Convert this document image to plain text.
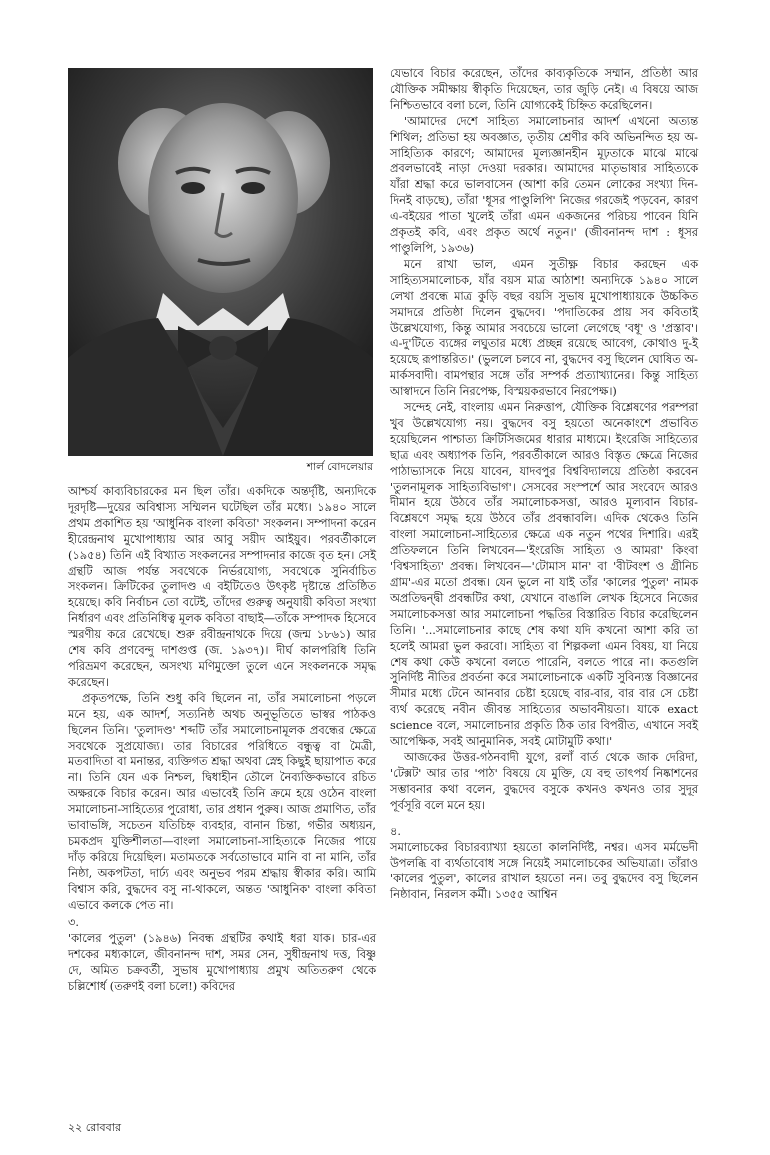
শার্ল বোদলেয়ার

আশ্চর্য কাব্যবিচারকের মন ছিল তাঁর। একদিকে অন্তর্দৃষ্টি, অন্যদিকে দূরদৃষ্টি—দুয়ের অবিশ্বাস্য সম্মিলন ঘটেছিল তাঁর মধ্যে। ১৯৪০ সালে প্রথম প্রকাশিত হয় 'আধুনিক বাংলা কবিতা' সংকলন। সম্পাদনা করেন হীরেন্দ্রনাথ মুখোপাধ্যায় আর আবু সয়ীদ আইয়ুব। পরবর্তীকালে (১৯৫৪) তিনি এই বিখ্যাত সংকলনের সম্পাদনার কাজে বৃত হন। সেই গ্রন্থটি আজ পর্যন্ত সবথেকে নির্ভরযোগ্য, সবথেকে সুনির্বাচিত সংকলন। ক্রিটিকের তুলাদণ্ড এ বইটিতেও উৎকৃষ্ট দৃষ্টান্তে প্রতিষ্ঠিত হয়েছে। কবি নির্বাচন তো বটেই, তাঁদের গুরুত্ব অনুযায়ী কবিতা সংখ্যা নির্ধারণ এবং প্রতিনিধিত্ব মূলক কবিতা বাছাই—তাঁকে সম্পাদক হিসেবে স্মরণীয় করে রেখেছে। শুরু রবীন্দ্রনাথকে দিয়ে (জন্ম ১৮৬১) আর শেষ কবি প্রণবেন্দু দাশগুপ্ত (জ. ১৯৩৭)। দীর্ঘ কালপরিধি তিনি পরিভ্রমণ করেছেন, অসংখ্য মণিমুক্তো তুলে এনে সংকলনকে সমৃদ্ধ করেছেন।

প্রকৃতপক্ষে, তিনি শুধু কবি ছিলেন না, তাঁর সমালোচনা পড়লে মনে হয়, এক আদর্শ, সত্যনিষ্ঠ অথচ অনুভূতিতে ভাস্বর পাঠকও ছিলেন তিনি। 'তুলাদণ্ড' শব্দটি তাঁর সমালোচনামূলক প্রবন্ধের ক্ষেত্রে সবথেকে সুপ্রযোজ্য। তার বিচারের পরিধিতে বন্ধুত্ব বা মৈত্রী, মতবাদিতা বা মনান্তর, ব্যক্তিগত শ্রদ্ধা অথবা স্নেহ কিছুই ছায়াপাত করে না। তিনি যেন এক নিশ্চল, দ্বিধাহীন তৌলে নৈব্যক্তিকভাবে রচিত অক্ষরকে বিচার করেন। আর এভাবেই তিনি ক্রমে হয়ে ওঠেন বাংলা সমালোচনা-সাহিত্যের পুরোধা, তার প্রধান পুরুষ। আজ প্রমাণিত, তাঁর ভাবাভঙ্গি, সচেতন যতিচিহ্ন ব্যবহার, বানান চিন্তা, গভীর অধ্যয়ন, চমকপ্রদ যুক্তিশীলতা—বাংলা সমালোচনা-সাহিত্যকে নিজের পায়ে দাঁড় করিয়ে দিয়েছিল। মতামতকে সর্বতোভাবে মানি বা না মানি, তাঁর নিষ্ঠা, অকপটতা, দার্ঢ্য এবং অনুভব পরম শ্রদ্ধায় স্বীকার করি। আমি বিশ্বাস করি, বুদ্ধদেব বসু না-থাকলে, অন্তত 'আধুনিক' বাংলা কবিতা এভাবে কলকে পেত না।

৩.

'কালের পুতুল' (১৯৪৬) নিবন্ধ গ্রন্থটির কথাই ধরা যাক। চার-এর দশকের মধ্যকালে, জীবনানন্দ দাশ, সমর সেন, সুধীন্দ্রনাথ দত্ত, বিষ্ণু দে, অমিত চক্রবর্তী, সুভাষ মুখোপাধ্যায় প্রমুখ অতিতরুণ থেকে চল্লিশোর্ধ (তরুণই বলা চলে!) কবিদের

যেভাবে বিচার করেছেন, তাঁদের কাব্যকৃতিকে সম্মান, প্রতিষ্ঠা আর যৌক্তিক সমীক্ষায় স্বীকৃতি দিয়েছেন, তার জুড়ি নেই। এ বিষয়ে আজ নিশ্চিতভাবে বলা চলে, তিনি যোগ্যকেই চিহ্নিত করেছিলেন।

'আমাদের দেশে সাহিত্য সমালোচনার আদর্শ এখনো অত্যন্ত শিথিল; প্রতিভা হয় অবজ্ঞাত, তৃতীয় শ্রেণীর কবি অভিনন্দিত হয় অ-সাহিত্যিক কারণে; আমাদের মূল্যজ্ঞানহীন মূঢ়তাকে মাঝে মাঝে প্রবলভাবেই নাড়া দেওয়া দরকার। আমাদের মাতৃভাষার সাহিত্যকে যাঁরা শ্রদ্ধা করে ভালবাসেন (আশা করি তেমন লোকের সংখ্যা দিন-দিনই বাড়ছে), তাঁরা 'ধূসর পাণ্ডুলিপি' নিজের গরজেই পড়বেন, কারণ এ-বইয়ের পাতা খুলেই তাঁরা এমন একজনের পরিচয় পাবেন যিনি প্রকৃতই কবি, এবং প্রকৃত অর্থে নতুন।' (জীবনানন্দ দাশ : ধূসর পাণ্ডুলিপি, ১৯৩৬)

মনে রাখা ভাল, এমন সুতীক্ষ্ণ বিচার করছেন এক সাহিত্যসমালোচক, যাঁর বয়স মাত্র আঠাশ! অন্যদিকে ১৯৪০ সালে লেখা প্রবন্ধে মাত্র কুড়ি বছর বয়সি সুভাষ মুখোপাধ্যায়কে উচ্চকিত সমাদরে প্রতিষ্ঠা দিলেন বুদ্ধদেব। 'পদাতিকের প্রায় সব কবিতাই উল্লেখযোগ্য, কিন্তু আমার সবচেয়ে ভালো লেগেছে 'বধূ' ও 'প্রস্তাব'। এ-দু'টিতে ব্যঙ্গের লঘুতার মধ্যে প্রচ্ছন্ন রয়েছে আবেগ, কোথাও দু-ই হয়েছে রূপান্তরিত।' (ভুললে চলবে না, বুদ্ধদেব বসু ছিলেন ঘোষিত অ-মার্কসবাদী। বামপন্থার সঙ্গে তাঁর সম্পর্ক প্রত্যাখ্যানের। কিন্তু সাহিত্য আস্বাদনে তিনি নিরপেক্ষ, বিস্ময়করভাবে নিরপেক্ষ।)

সন্দেহ নেই, বাংলায় এমন নিরুত্তাপ, যৌক্তিক বিশ্লেষণের পরম্পরা খুব উল্লেখযোগ্য নয়। বুদ্ধদেব বসু হয়তো অনেকাংশে প্রভাবিত হয়েছিলেন পাশ্চাত্য ক্রিটিসিজমের ধারার মাধ্যমে। ইংরেজি সাহিত্যের ছাত্র এবং অধ্যাপক তিনি, পরবর্তীকালে আরও বিস্তৃত ক্ষেত্রে নিজের পাঠাভ্যাসকে নিয়ে যাবেন, যাদবপুর বিশ্ববিদ্যালয়ে প্রতিষ্ঠা করবেন 'তুলনামূলক সাহিত্যবিভাগ'। সেসবের সংস্পর্শে আর সংবেদে আরও দীমান হয়ে উঠবে তাঁর সমালোচকসত্তা, আরও মূল্যবান বিচার-বিশ্লেষণে সমৃদ্ধ হয়ে উঠবে তাঁর প্রবন্ধাবলি। এদিক থেকেও তিনি বাংলা সমালোচনা-সাহিত্যের ক্ষেত্রে এক নতুন পথের দিশারি। এরই প্রতিফলনে তিনি লিখবেন—'ইংরেজি সাহিত্য ও আমরা' কিংবা 'বিশ্বসাহিত্য' প্রবন্ধ। লিখবেন—'টোমাস মান' বা 'বীটবংশ ও গ্রীনিচ গ্রাম'-এর মতো প্রবন্ধ। যেন ভুলে না যাই তাঁর 'কালের পুতুল' নামক অপ্রতিদ্বন্দ্বী প্রবন্ধটির কথা, যেখানে বাঙালি লেখক হিসেবে নিজের সমালোচকসত্তা আর সমালোচনা পদ্ধতির বিস্তারিত বিচার করেছিলেন তিনি। '...সমালোচনার কাছে শেষ কথা যদি কখনো আশা করি তা হলেই আমরা ভুল করবো। সাহিত্য বা শিল্পকলা এমন বিষয়, যা নিয়ে শেষ কথা কেউ কখনো বলতে পারেনি, বলতে পারে না। কতগুলি সুনির্দিষ্ট নীতির প্রবর্তনা করে সমালোচনাকে একটি সুবিন্যস্ত বিজ্ঞানের সীমার মধ্যে টেনে আনবার চেষ্টা হয়েছে বার-বার, বার বার সে চেষ্টা ব্যর্থ করেছে নবীন জীবন্ত সাহিত্যের অভাবনীয়তা। যাকে exact science বলে, সমালোচনার প্রকৃতি ঠিক তার বিপরীত, এখানে সবই আপেক্ষিক, সবই আনুমানিক, সবই মোটামুটি কথা।'

আজকের উত্তর-গঠনবাদী যুগে, রলাঁ বার্ত থেকে জাক দেরিদা, 'টেক্সট' আর তার 'পাঠ' বিষয়ে যে মুক্তি, যে বহু তাৎপর্য নিষ্কাশনের সম্ভাবনার কথা বলেন, বুদ্ধদেব বসুকে কখনও কখনও তার সুদূর পূর্বসূরি বলে মনে হয়।

৪.

সমালোচকের বিচারব্যাখ্যা হয়তো কালনির্দিষ্ট, নশ্বর। এসব মর্মভেদী উপলব্ধি বা ব্যর্থতাবোধ সঙ্গে নিয়েই সমালোচকের অভিযাত্রা। তাঁরাও 'কালের পুতুল', কালের রাখাল হয়তো নন। তবু বুদ্ধদেব বসু ছিলেন নিষ্ঠাবান, নিরলস কর্মী। ১৩৫৫ আশ্বিন

২২ রোববার
